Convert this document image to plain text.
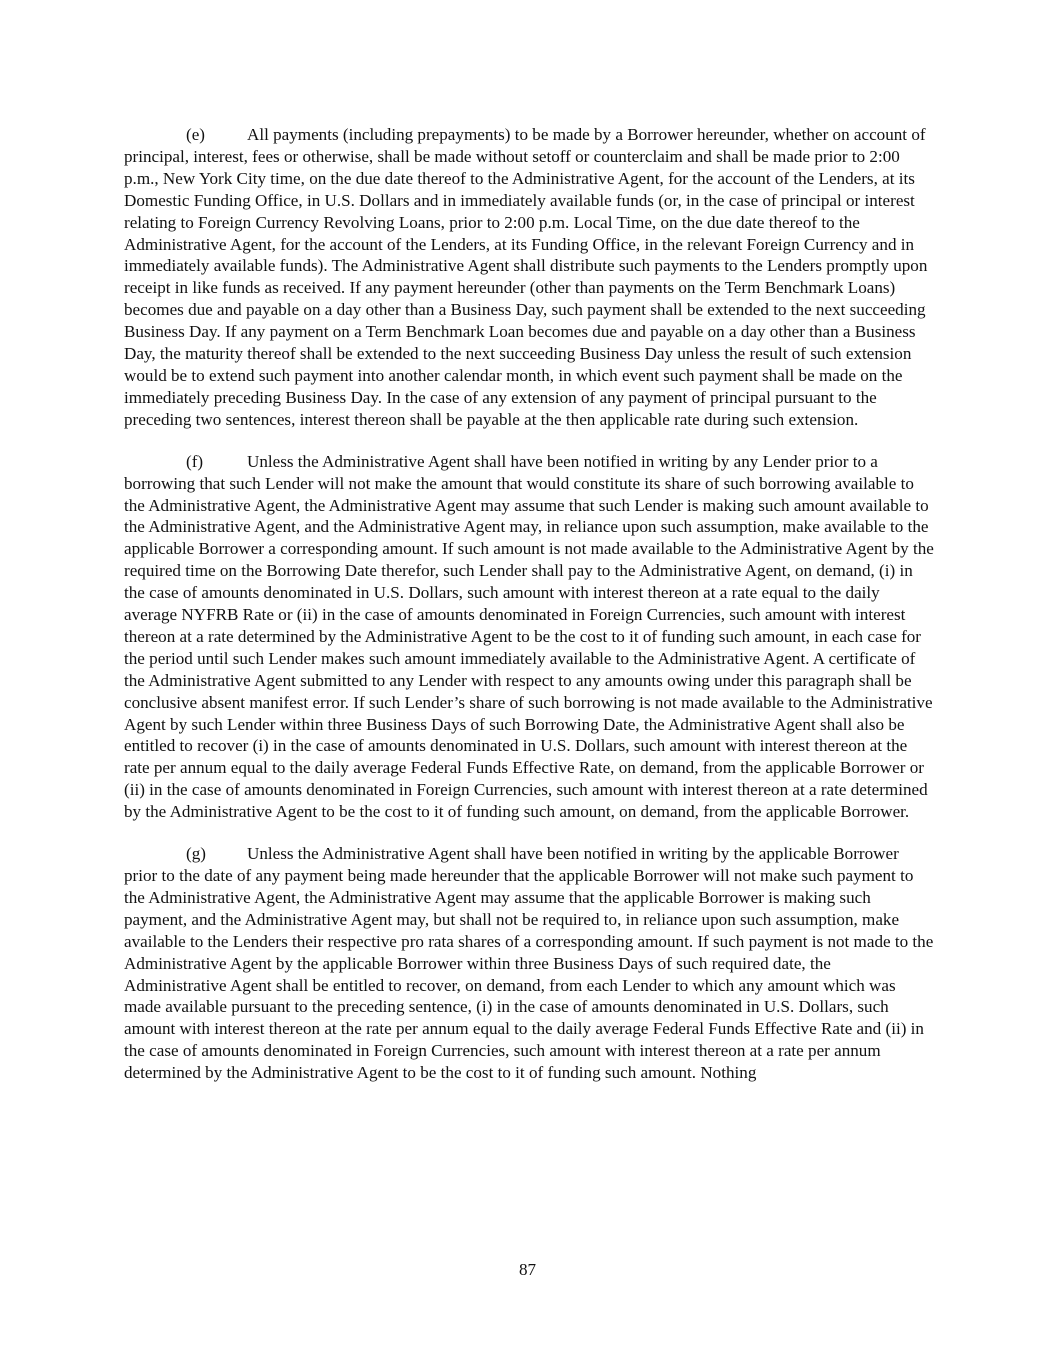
(e) All payments (including prepayments) to be made by a Borrower hereunder, whether on account of principal, interest, fees or otherwise, shall be made without setoff or counterclaim and shall be made prior to 2:00 p.m., New York City time, on the due date thereof to the Administrative Agent, for the account of the Lenders, at its Domestic Funding Office, in U.S. Dollars and in immediately available funds (or, in the case of principal or interest relating to Foreign Currency Revolving Loans, prior to 2:00 p.m. Local Time, on the due date thereof to the Administrative Agent, for the account of the Lenders, at its Funding Office, in the relevant Foreign Currency and in immediately available funds). The Administrative Agent shall distribute such payments to the Lenders promptly upon receipt in like funds as received. If any payment hereunder (other than payments on the Term Benchmark Loans) becomes due and payable on a day other than a Business Day, such payment shall be extended to the next succeeding Business Day. If any payment on a Term Benchmark Loan becomes due and payable on a day other than a Business Day, the maturity thereof shall be extended to the next succeeding Business Day unless the result of such extension would be to extend such payment into another calendar month, in which event such payment shall be made on the immediately preceding Business Day. In the case of any extension of any payment of principal pursuant to the preceding two sentences, interest thereon shall be payable at the then applicable rate during such extension.

(f)	Unless the Administrative Agent shall have been notified in writing by any Lender prior to a borrowing that such Lender will not make the amount that would constitute its share of such borrowing available to the Administrative Agent, the Administrative Agent may assume that such Lender is making such amount available to the Administrative Agent, and the Administrative Agent may, in reliance upon such assumption, make available to the applicable Borrower a corresponding amount. If such amount is not made available to the Administrative Agent by the required time on the Borrowing Date therefor, such Lender shall pay to the Administrative Agent, on demand, (i) in the case of amounts denominated in U.S. Dollars, such amount with interest thereon at a rate equal to the daily average NYFRB Rate or (ii) in the case of amounts denominated in Foreign Currencies, such amount with interest thereon at a rate determined by the Administrative Agent to be the cost to it of funding such amount, in each case for the period until such Lender makes such amount immediately available to the Administrative Agent. A certificate of the Administrative Agent submitted to any Lender with respect to any amounts owing under this paragraph shall be conclusive absent manifest error. If such Lender’s share of such borrowing is not made available to the Administrative Agent by such Lender within three Business Days of such Borrowing Date, the Administrative Agent shall also be entitled to recover (i) in the case of amounts denominated in U.S. Dollars, such amount with interest thereon at the rate per annum equal to the daily average Federal Funds Effective Rate, on demand, from the applicable Borrower or (ii) in the case of amounts denominated in Foreign Currencies, such amount with interest thereon at a rate determined by the Administrative Agent to be the cost to it of funding such amount, on demand, from the applicable Borrower.

(g) Unless the Administrative Agent shall have been notified in writing by the applicable Borrower prior to the date of any payment being made hereunder that the applicable Borrower will not make such payment to the Administrative Agent, the Administrative Agent may assume that the applicable Borrower is making such payment, and the Administrative Agent may, but shall not be required to, in reliance upon such assumption, make available to the Lenders their respective pro rata shares of a corresponding amount. If such payment is not made to the Administrative Agent by the applicable Borrower within three Business Days of such required date, the Administrative Agent shall be entitled to recover, on demand, from each Lender to which any amount which was made available pursuant to the preceding sentence, (i) in the case of amounts denominated in U.S. Dollars, such amount with interest thereon at the rate per annum equal to the daily average Federal Funds Effective Rate and (ii) in the case of amounts denominated in Foreign Currencies, such amount with interest thereon at a rate per annum determined by the Administrative Agent to be the cost to it of funding such amount. Nothing

87
